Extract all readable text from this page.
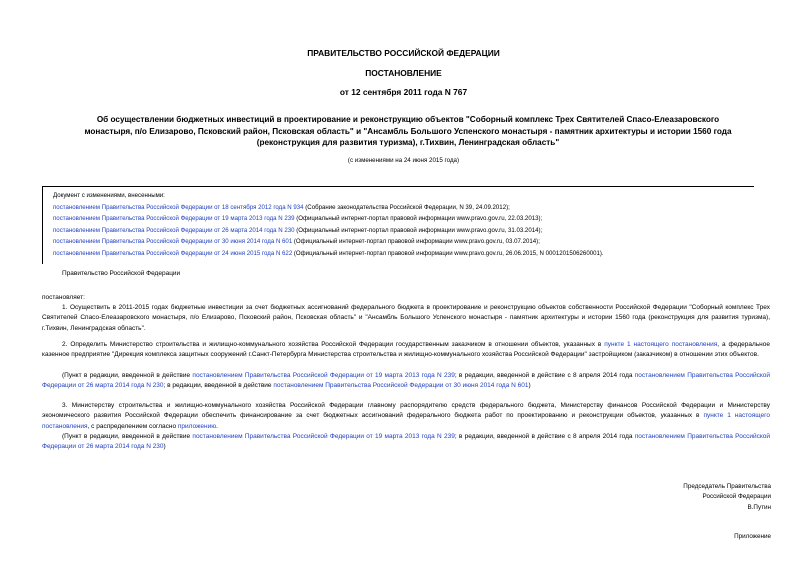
ПРАВИТЕЛЬСТВО РОССИЙСКОЙ ФЕДЕРАЦИИ
ПОСТАНОВЛЕНИЕ
от 12 сентября 2011 года N 767
Об осуществлении бюджетных инвестиций в проектирование и реконструкцию объектов "Соборный комплекс Трех Святителей Спасо-Елеазаровского
монастыря, п/о Елизарово, Псковский район, Псковская область" и "Ансамбль Большого Успенского монастыря - памятник архитектуры и истории 1560 года
(реконструкция для развития туризма), г.Тихвин, Ленинградская область"
(с изменениями на 24 июня 2015 года)
Документ с изменениями, внесенными:
постановлением Правительства Российской Федерации от 18 сентября 2012 года N 934 (Собрание законодательства Российской Федерации, N 39, 24.09.2012);
постановлением Правительства Российской Федерации от 19 марта 2013 года N 239 (Официальный интернет-портал правовой информации www.pravo.gov.ru, 22.03.2013);
постановлением Правительства Российской Федерации от 26 марта 2014 года N 230 (Официальный интернет-портал правовой информации www.pravo.gov.ru, 31.03.2014);
постановлением Правительства Российской Федерации от 30 июня 2014 года N 601 (Официальный интернет-портал правовой информации www.pravo.gov.ru, 03.07.2014);
постановлением Правительства Российской Федерации от 24 июня 2015 года N 622 (Официальный интернет-портал правовой информации www.pravo.gov.ru, 26.06.2015, N 0001201506260001).
Правительство Российской Федерации
постановляет:
1. Осуществить в 2011-2015 годах бюджетные инвестиции за счет бюджетных ассигнований федерального бюджета в проектирование и реконструкцию объектов собственности Российской Федерации "Соборный комплекс Трех Святителей Спасо-Елеазаровского монастыря, п/о Елизарово, Псковский район, Псковская область" и "Ансамбль Большого Успенского монастыря - памятник архитектуры и истории 1560 года (реконструкция для развития туризма), г.Тихвин, Ленинградская область".
2. Определить Министерство строительства и жилищно-коммунального хозяйства Российской Федерации государственным заказчиком в отношении объектов, указанных в пункте 1 настоящего постановления, а федеральное казенное предприятие "Дирекция комплекса защитных сооружений г.Санкт-Петербурга Министерства строительства и жилищно-коммунального хозяйства Российской Федерации" застройщиком (заказчиком) в отношении этих объектов.
(Пункт в редакции, введенной в действие постановлением Правительства Российской Федерации от 19 марта 2013 года N 239; в редакции, введенной в действие с 8 апреля 2014 года постановлением Правительства Российской Федерации от 26 марта 2014 года N 230; в редакции, введенной в действие постановлением Правительства Российской Федерации от 30 июня 2014 года N 601)
3. Министерству строительства и жилищно-коммунального хозяйства Российской Федерации главному распорядителю средств федерального бюджета, Министерству финансов Российской Федерации и Министерству экономического развития Российской Федерации обеспечить финансирование за счет бюджетных ассигнований федерального бюджета работ по проектированию и реконструкции объектов, указанных в пункте 1 настоящего постановления, с распределением согласно приложению.
(Пункт в редакции, введенной в действие постановлением Правительства Российской Федерации от 19 марта 2013 года N 239; в редакции, введенной в действие с 8 апреля 2014 года постановлением Правительства Российской Федерации от 26 марта 2014 года N 230)
Председатель Правительства
Российской Федерации
В.Путин
Приложение
